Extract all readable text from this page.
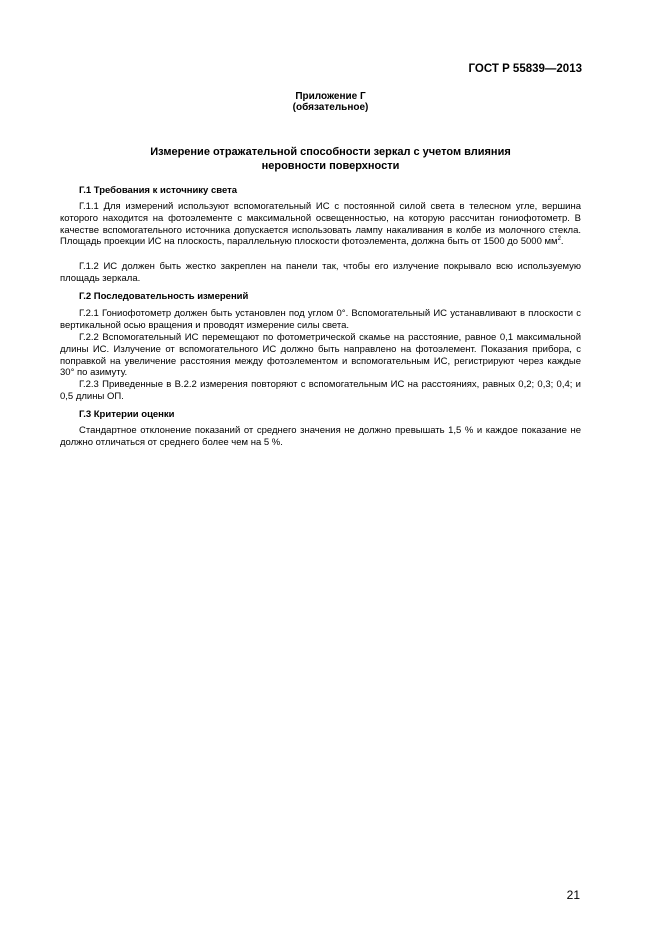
ГОСТ Р 55839—2013
Приложение Г
(обязательное)
Измерение отражательной способности зеркал с учетом влияния
неровности поверхности
Г.1 Требования к источнику света

Г.1.1 Для измерений используют вспомогательный ИС с постоянной силой света в телесном угле, вершина которого находится на фотоэлементе с максимальной освещенностью, на которую рассчитан гониофотометр. В качестве вспомогательного источника допускается использовать лампу накаливания в колбе из молочного стекла. Площадь проекции ИС на плоскость, параллельную плоскости фотоэлемента, должна быть от 1500 до 5000 $мм^2$.

Г.1.2 ИС должен быть жестко закреплен на панели так, чтобы его излучение покрывало всю используемую площадь зеркала.

Г.2 Последовательность измерений

Г.2.1 Гониофотометр должен быть установлен под углом 0°. Вспомогательный ИС устанавливают в плоскости с вертикальной осью вращения и проводят измерение силы света.

Г.2.2 Вспомогательный ИС перемещают по фотометрической скамье на расстояние, равное 0,1 максимальной длины ИС. Излучение от вспомогательного ИС должно быть направлено на фотоэлемент. Показания прибора, с поправкой на увеличение расстояния между фотоэлементом и вспомогательным ИС, регистрируют через каждые 30° по азимуту.

Г.2.3 Приведенные в В.2.2 измерения повторяют с вспомогательным ИС на расстояниях, равных 0,2; 0,3; 0,4; и 0,5 длины ОП.

Г.3 Критерии оценки

Стандартное отклонение показаний от среднего значения не должно превышать 1,5 % и каждое показание не должно отличаться от среднего более чем на 5 %.

21
